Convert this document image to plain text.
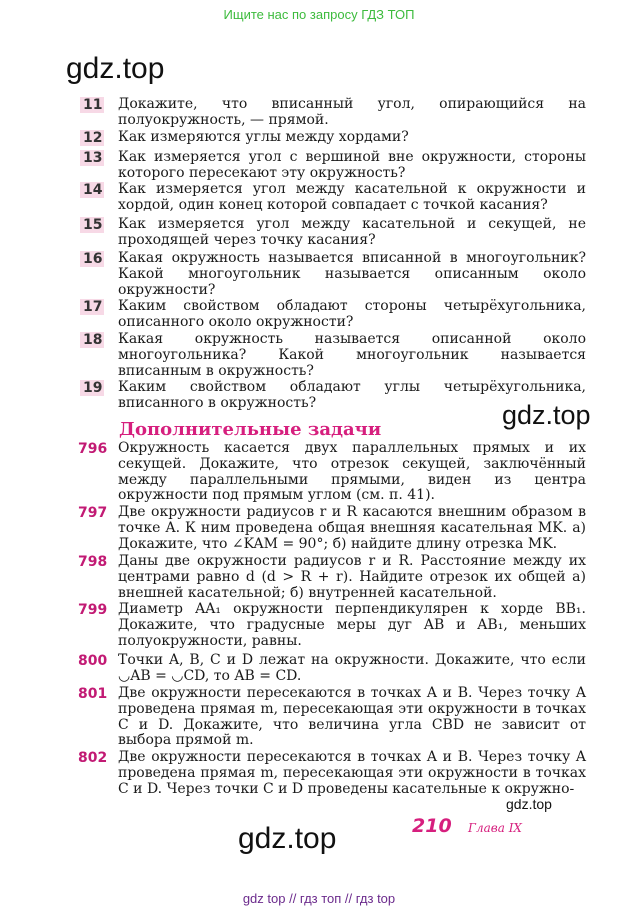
Ищите нас по запросу ГДЗ ТОП
gdz.top
gdz.top
gdz.top
gdz.top
11 Докажите, что вписанный угол, опирающийся на полуокружность, — прямой.
12 Как измеряются углы между хордами?
13 Как измеряется угол с вершиной вне окружности, стороны которого пересекают эту окружность?
14 Как измеряется угол между касательной к окружности и хордой, один конец которой совпадает с точкой касания?
15 Как измеряется угол между касательной и секущей, не проходящей через точку касания?
16 Какая окружность называется вписанной в многоугольник? Какой многоугольник называется описанным около окружности?
17 Каким свойством обладают стороны четырёхугольника, описанного около окружности?
18 Какая окружность называется описанной около многоугольника? Какой многоугольник называется вписанным в окружность?
19 Каким свойством обладают углы четырёхугольника, вписанного в окружность?
Дополнительные задачи
796 Окружность касается двух параллельных прямых и их секущей. Докажите, что отрезок секущей, заключённый между параллельными прямыми, виден из центра окружности под прямым углом (см. п. 41).
797 Две окружности радиусов r и R касаются внешним образом в точке A. К ним проведена общая внешняя касательная MK. а) Докажите, что ∠KAM = 90°; б) найдите длину отрезка MK.
798 Даны две окружности радиусов r и R. Расстояние между их центрами равно d (d > R + r). Найдите отрезок их общей а) внешней касательной; б) внутренней касательной.
799 Диаметр AA₁ окружности перпендикулярен к хорде BB₁. Докажите, что градусные меры дуг AB и AB₁, меньших полуокружности, равны.
800 Точки A, B, C и D лежат на окружности. Докажите, что если ◡AB = ◡CD, то AB = CD.
801 Две окружности пересекаются в точках A и B. Через точку A проведена прямая m, пересекающая эти окружности в точках C и D. Докажите, что величина угла CBD не зависит от выбора прямой m.
802 Две окружности пересекаются в точках A и B. Через точку A проведена прямая m, пересекающая эти окружности в точках C и D. Через точки C и D проведены касательные к окружно-
210 Глава IX
gdz top // гдз топ // гдз top
